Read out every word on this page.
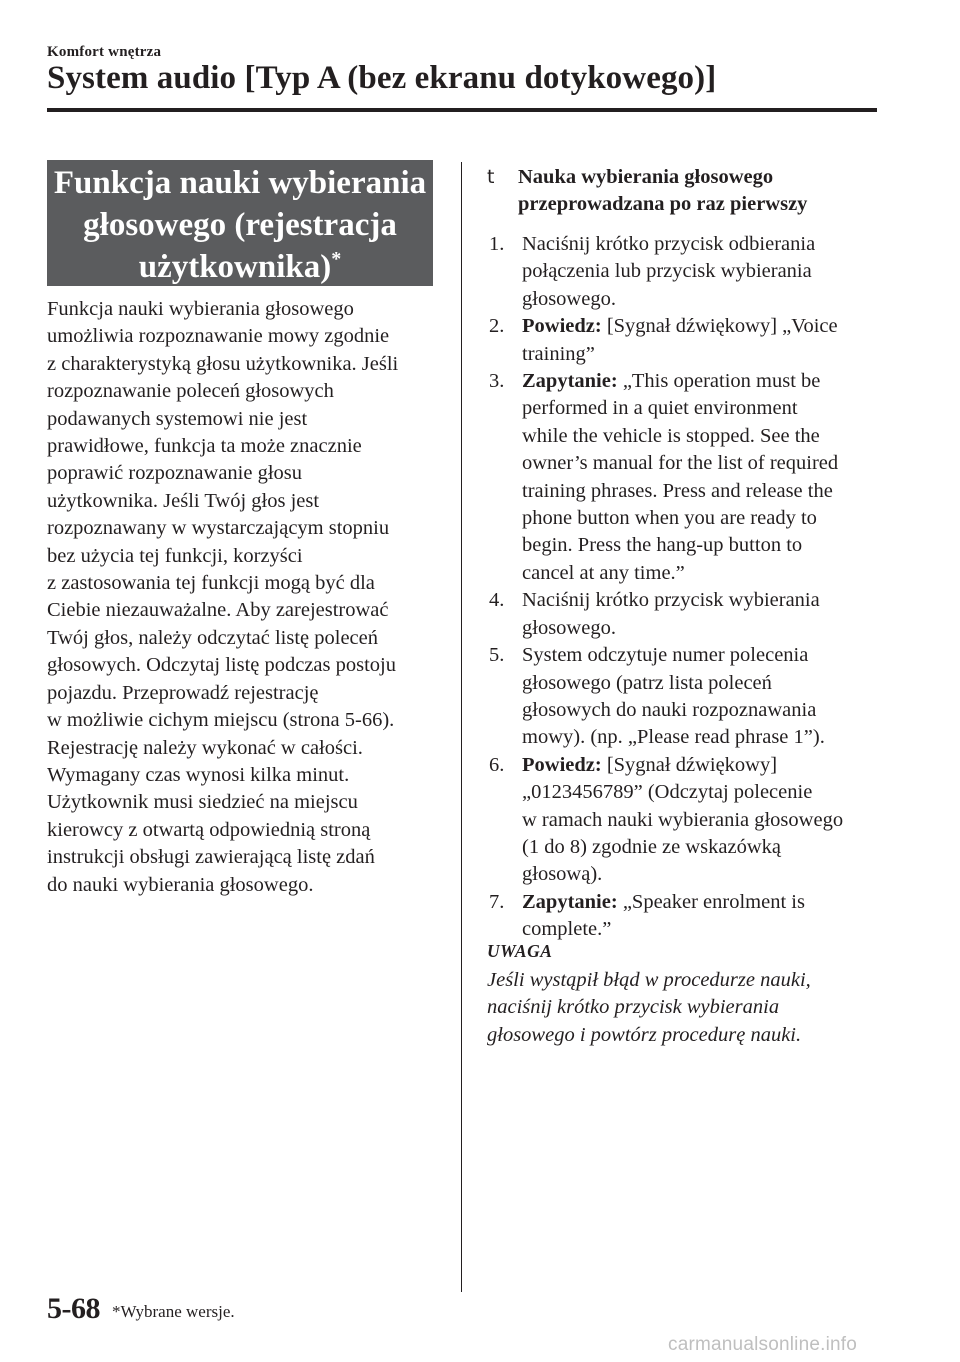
Komfort wnętrza
System audio [Typ A (bez ekranu dotykowego)]
Funkcja nauki wybierania
głosowego (rejestracja
użytkownika)*
Funkcja nauki wybierania głosowego
umożliwia rozpoznawanie mowy zgodnie
z charakterystyką głosu użytkownika. Jeśli
rozpoznawanie poleceń głosowych
podawanych systemowi nie jest
prawidłowe, funkcja ta może znacznie
poprawić rozpoznawanie głosu
użytkownika. Jeśli Twój głos jest
rozpoznawany w wystarczającym stopniu
bez użycia tej funkcji, korzyści
z zastosowania tej funkcji mogą być dla
Ciebie niezauważalne. Aby zarejestrować
Twój głos, należy odczytać listę poleceń
głosowych. Odczytaj listę podczas postoju
pojazdu. Przeprowadź rejestrację
w możliwie cichym miejscu (strona 5-66).
Rejestrację należy wykonać w całości.
Wymagany czas wynosi kilka minut.
Użytkownik musi siedzieć na miejscu
kierowcy z otwartą odpowiednią stroną
instrukcji obsługi zawierającą listę zdań
do nauki wybierania głosowego.
t	Nauka wybierania głosowego
przeprowadzana po raz pierwszy
1. Naciśnij krótko przycisk odbierania
połączenia lub przycisk wybierania
głosowego.
2. Powiedz: [Sygnał dźwiękowy] „Voice
training”
3. Zapytanie: „This operation must be
performed in a quiet environment
while the vehicle is stopped. See the
owner’s manual for the list of required
training phrases. Press and release the
phone button when you are ready to
begin. Press the hang-up button to
cancel at any time.”
4. Naciśnij krótko przycisk wybierania
głosowego.
5. System odczytuje numer polecenia
głosowego (patrz lista poleceń
głosowych do nauki rozpoznawania
mowy). (np. „Please read phrase 1”).
6. Powiedz: [Sygnał dźwiękowy]
„0123456789” (Odczytaj polecenie
w ramach nauki wybierania głosowego
(1 do 8) zgodnie ze wskazówką
głosową).
7. Zapytanie: „Speaker enrolment is
complete.”
UWAGA
Jeśli wystąpił błąd w procedurze nauki,
naciśnij krótko przycisk wybierania
głosowego i powtórz procedurę nauki.
5-68 *Wybrane wersje.
carmanualsonline.info
